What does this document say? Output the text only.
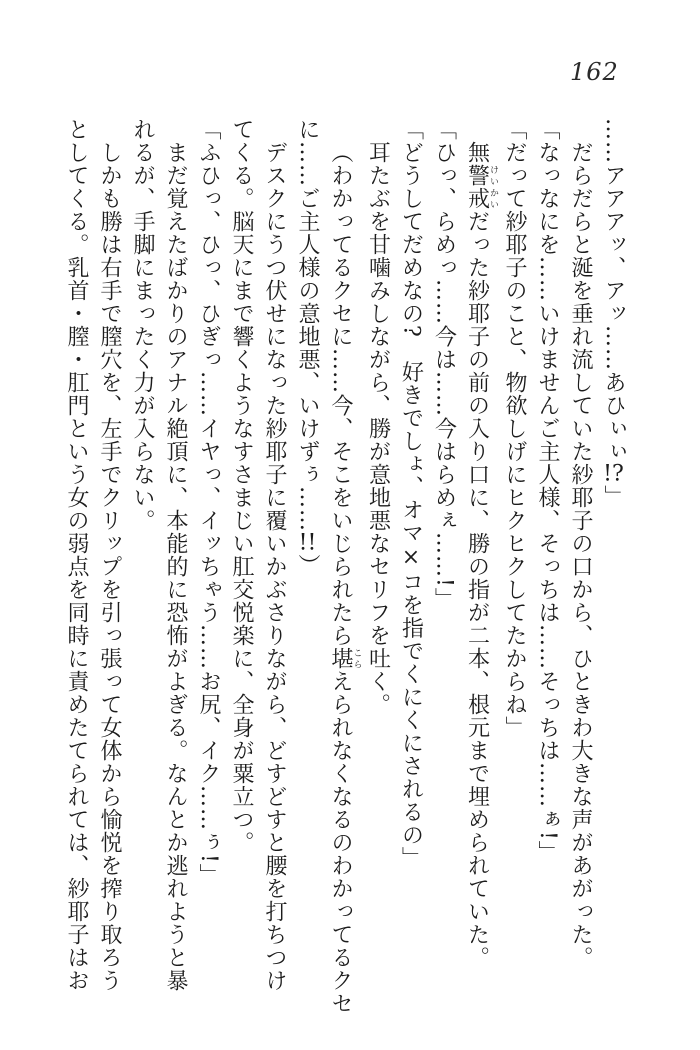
162
……アアアッ、アッ……あひぃぃ!?」
だらだらと涎を垂れ流していた紗耶子の口から、ひときわ大きな声があがった。
「なっなにを……いけませんご主人様、そっちは……そっちは……ぁ!」
「だって紗耶子のこと、物欲しげにヒクヒクしてたからね」
無警戒けいかいだった紗耶子の前の入り口に、勝の指が二本、根元まで埋められていた。
「ひっ、らめっ……今は……今はらめぇ……!」
「どうしてだめなの?　好きでしょ、オマ×コを指でくにくにされるの」
耳たぶを甘噛みしながら、勝が意地悪なセリフを吐く。
（わかってるクセに……今、そこをいじられたら堪こらえられなくなるのわかってるクセ
に……ご主人様の意地悪、いけずぅ……!!）
デスクにうつ伏せになった紗耶子に覆いかぶさりながら、どすどすと腰を打ちつけ
てくる。脳天にまで響くようなすさまじい肛交悦楽に、全身が粟立つ。
「ふひっ、ひっ、ひぎっ……イヤっ、イッちゃう……お尻、イク……ぅ!」
まだ覚えたばかりのアナル絶頂に、本能的に恐怖がよぎる。なんとか逃れようと暴
れるが、手脚にまったく力が入らない。
しかも勝は右手で膣穴を、左手でクリップを引っ張って女体から愉悦を搾り取ろう
としてくる。乳首・膣・肛門という女の弱点を同時に責めたてられては、紗耶子はお
